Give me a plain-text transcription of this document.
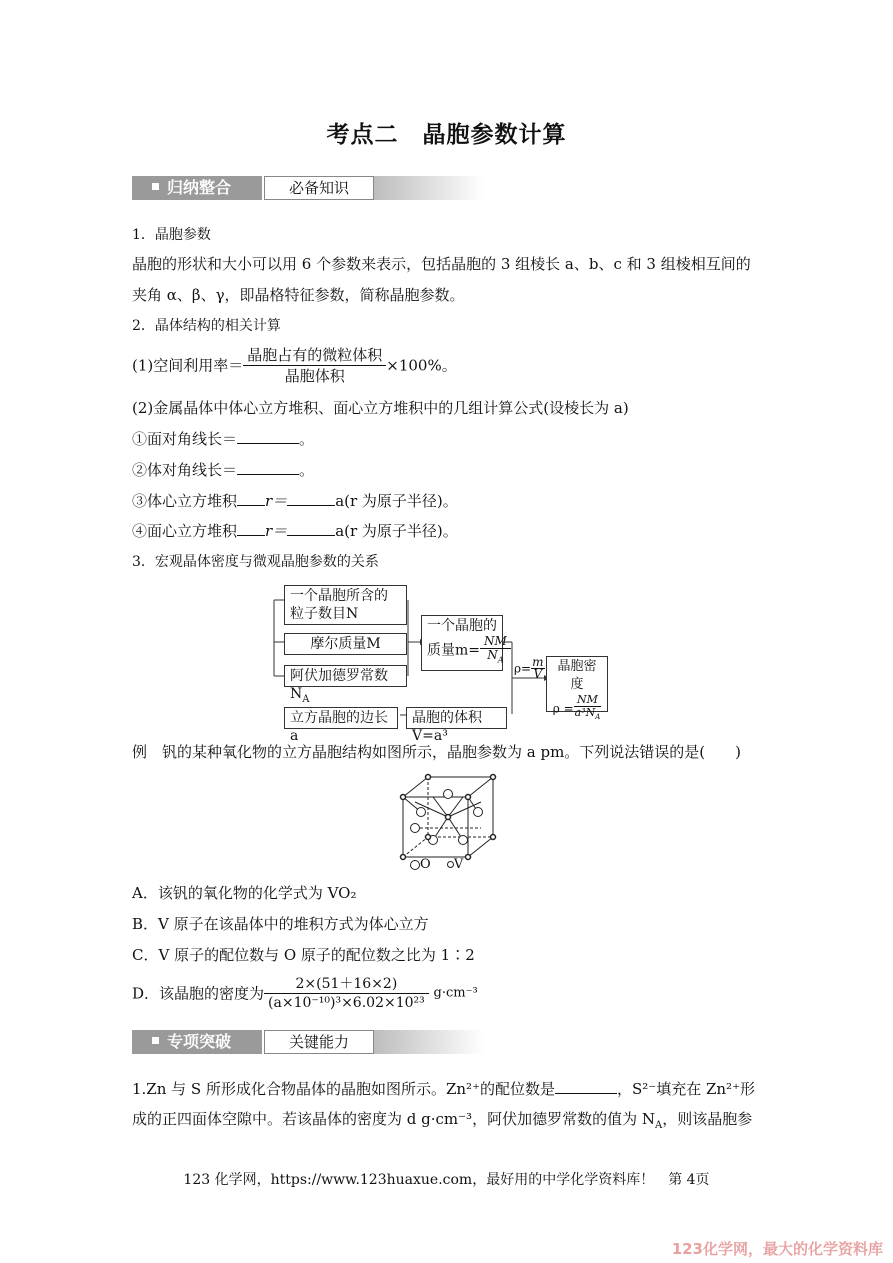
考点二　晶胞参数计算
归纳整合	必备知识
1．晶胞参数
晶胞的形状和大小可以用 6 个参数来表示，包括晶胞的 3 组棱长 a、b、c 和 3 组棱相互间的
夹角 α、β、γ，即晶格特征参数，简称晶胞参数。
2．晶体结构的相关计算
(1)空间利用率＝ $\frac{\text{晶胞占有的微粒体积}}{\text{晶胞体积}} \times 100\%$。
(2)金属晶体中体心立方堆积、面心立方堆积中的几组计算公式(设棱长为 a)
①面对角线长＝	。
②体对角线长＝	。
③体心立方堆积 r＝	a(r 为原子半径)。
④面心立方堆积 r＝	a(r 为原子半径)。
3．宏观晶体密度与微观晶胞参数的关系
一个晶胞所含的粒子数目N
摩尔质量M
阿伏加德罗常数$N_A$
一个晶胞的
质量$m= \frac{NM}{N_A}$
$\rho= \frac{m}{V}$ 晶胞密度
$\rho = \frac{NM}{a^3N_A}$
立方晶胞的边长a
晶胞的体积V=a³
例　钒的某种氧化物的立方晶胞结构如图所示，晶胞参数为 a pm。下列说法错误的是(　　)
O V
A．该钒的氧化物的化学式为 VO₂
B．V 原子在该晶体中的堆积方式为体心立方
C．V 原子的配位数与 O 原子的配位数之比为 1∶2
D．该晶胞的密度为 $\frac{2\times(51+16\times 2)}{\text{(a×10⁻¹⁰)³×6.02×10²³}} g\cdot cm^{-3}$
专项突破	关键能力
1.Zn 与 S 所形成化合物晶体的晶胞如图所示。Zn²⁺的配位数是	，S²⁻填充在 Zn²⁺形
成的正四面体空隙中。若该晶体的密度为 d g·cm⁻³，阿伏加德罗常数的值为 $N_A$，则该晶胞参
123 化学网，https://www.123huaxue.com，最好用的中学化学资料库！　第 4页
123化学网，最大的化学资料库
